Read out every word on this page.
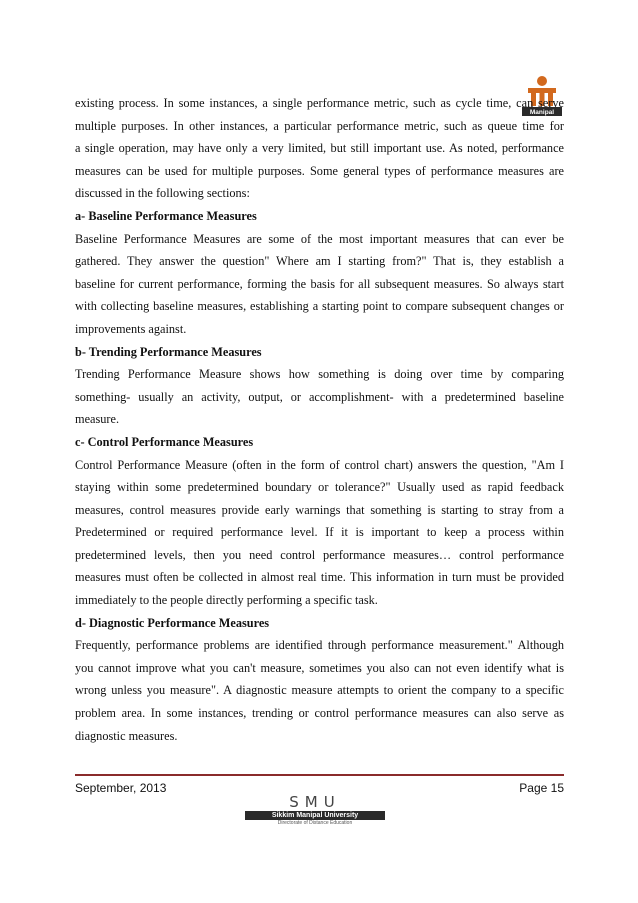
Manipal
existing process. In some instances, a single performance metric, such as cycle time, can serve
multiple purposes. In other instances, a particular performance metric, such as queue time for
a single operation, may have only a very limited, but still important use. As noted, performance
measures can be used for multiple purposes. Some general types of performance measures are
discussed in the following sections:
a- Baseline Performance Measures
Baseline Performance Measures are some of the most important measures that can ever be
gathered. They answer the question" Where am I starting from?" That is, they establish a
baseline for current performance, forming the basis for all subsequent measures. So always start
with collecting baseline measures, establishing a starting point to compare subsequent changes or
improvements against.
b- Trending Performance Measures
Trending Performance Measure shows how something is doing over time by comparing
something- usually an activity, output, or accomplishment- with a predetermined baseline
measure.
c- Control Performance Measures
Control Performance Measure (often in the form of control chart) answers the question, "Am I
staying within some predetermined boundary or tolerance?" Usually used as rapid feedback
measures, control measures provide early warnings that something is starting to stray from a
Predetermined or required performance level. If it is important to keep a process within
predetermined levels, then you need control performance measures… control performance
measures must often be collected in almost real time. This information in turn must be provided
immediately to the people directly performing a specific task.
d- Diagnostic Performance Measures
Frequently, performance problems are identified through performance measurement." Although
you cannot improve what you can't measure, sometimes you also can not even identify what is
wrong unless you measure". A diagnostic measure attempts to orient the company to a specific
problem area. In some instances, trending or control performance measures can also serve as
diagnostic measures.
September, 2013	Page 15
SMU
Sikkim Manipal University
Directorate of Distance Education
